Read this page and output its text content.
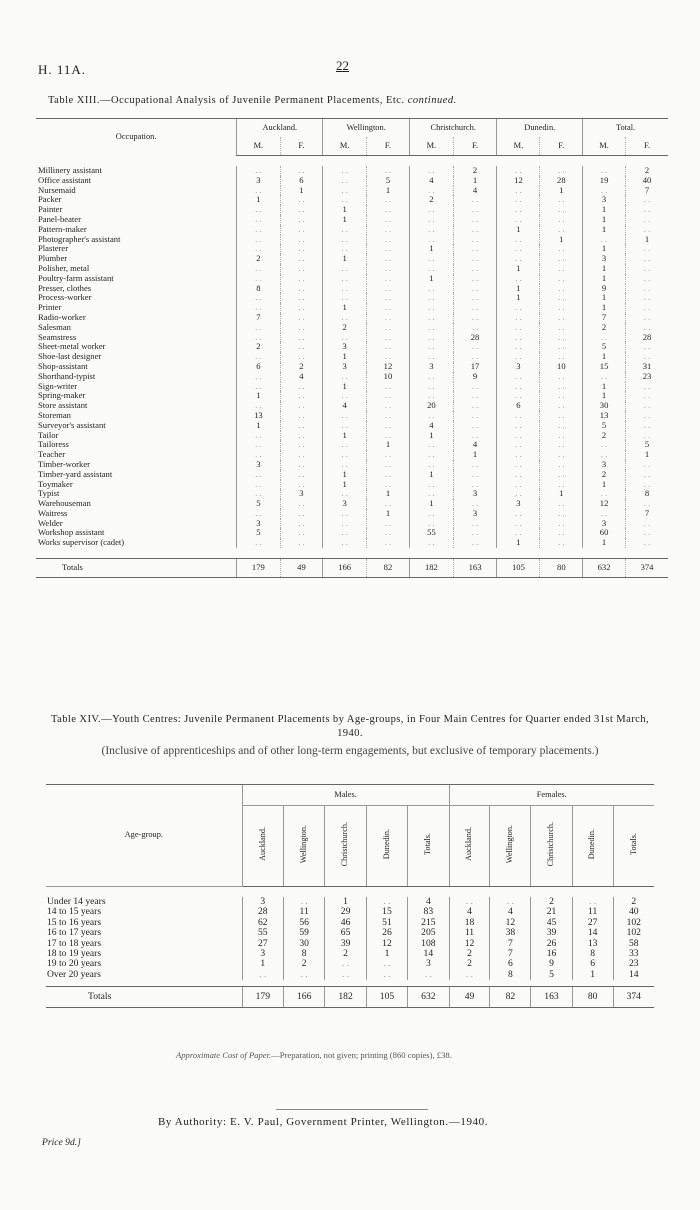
H. 11A.	22
Table XIII.—Occupational Analysis of Juvenile Permanent Placements, Etc. continued.
Occupation.	Auckland.		Wellington.		Christchurch.		Dunedin.		Total.	
	M.	F.	M.	F.	M.	F.	M.	F.	M.	F.

Millinery assistant	. .	. .	. .	. .	. .	2	. .	. .	. .	2
Office assistant	3	6	. .	5	4	1	12	28	19	40
Nursemaid	. .	1	. .	1	. .	4	. .	1	. .	7
Packer	1	. .	. .	. .	2	. .	. .	. .	3	. .
Painter	. .	. .	1	. .	. .	. .	. .	. .	1	. .
Panel-beater	. .	. .	1	. .	. .	. .	. .	. .	1	. .
Pattern-maker	. .	. .	. .	. .	. .	. .	1	. .	1	. .
Photographer's assistant	. .	. .	. .	. .	. .	. .	. .	1	. .	1
Plasterer	. .	. .	. .	. .	1	. .	. .	. .	1	. .
Plumber	2	. .	1	. .	. .	. .	. .	. .	3	. .
Polisher, metal	. .	. .	. .	. .	. .	. .	1	. .	1	. .
Poultry-farm assistant	. .	. .	. .	. .	1	. .	. .	. .	1	. .
Presser, clothes	8	. .	. .	. .	. .	. .	1	. .	9	. .
Process-worker	. .	. .	. .	. .	. .	. .	1	. .	1	. .
Printer	. .	. .	1	. .	. .	. .	. .	. .	1	. .
Radio-worker	7	. .	. .	. .	. .	. .	. .	. .	7	. .
Salesman	. .	. .	2	. .	. .	. .	. .	. .	2	. .
Seamstress	. .	. .	. .	. .	. .	28	. .	. .	. .	28
Sheet-metal worker	2	. .	3	. .	. .	. .	. .	. .	5	. .
Shoe-last designer	. .	. .	1	. .	. .	. .	. .	. .	1	. .
Shop-assistant	6	2	3	12	3	17	3	10	15	31
Shorthand-typist	. .	4	. .	10	. .	9	. .	. .	. .	23
Sign-writer	. .	. .	1	. .	. .	. .	. .	. .	1	. .
Spring-maker	1	. .	. .	. .	. .	. .	. .	. .	1	. .
Store assistant	. .	. .	4	. .	20	. .	6	. .	30	. .
Storeman	13	. .	. .	. .	. .	. .	. .	. .	13	. .
Surveyor's assistant	1	. .	. .	. .	4	. .	. .	. .	5	. .
Tailor	. .	. .	1	. .	1	. .	. .	. .	2	. .
Tailoress	. .	. .	. .	1	. .	4	. .	. .	. .	5
Teacher	. .	. .	. .	. .	. .	1	. .	. .	. .	1
Timber-worker	3	. .	. .	. .	. .	. .	. .	. .	3	. .
Timber-yard assistant	. .	. .	1	. .	1	. .	. .	. .	2	. .
Toymaker	. .	. .	1	. .	. .	. .	. .	. .	1	. .
Typist	. .	3	. .	1	. .	3	. .	1	. .	8
Warehouseman	5	. .	3	. .	1	. .	3	. .	12	. .
Waitress	. .	. .	. .	1	. .	3	. .	. .	. .	7
Welder	3	. .	. .	. .	. .	. .	. .	. .	3	. .
Workshop assistant	5	. .	. .	. .	55	. .	. .	. .	60	. .
Works supervisor (cadet)	. .	. .	. .	. .	. .	. .	1	. .	1	. .

Totals	179	49	166	82	182	163	105	80	632	374
Table XIV.—Youth Centres: Juvenile Permanent Placements by Age-groups, in Four Main Centres for Quarter ended 31st March, 1940.
(Inclusive of apprenticeships and of other long-term engagements, but exclusive of temporary placements.)
Age-group.	Males.					Females.				
	Auckland.	Wellington.	Christchurch.	Dunedin.	Totals.	Auckland.	Wellington.	Christchurch.	Dunedin.	Totals.

Under 14 years	3	. .	1	. .	4	. .	. .	2	. .	2
14 to 15 years	28	11	29	15	83	4	4	21	11	40
15 to 16 years	62	56	46	51	215	18	12	45	27	102
16 to 17 years	55	59	65	26	205	11	38	39	14	102
17 to 18 years	27	30	39	12	108	12	7	26	13	58
18 to 19 years	3	8	2	1	14	2	7	16	8	33
19 to 20 years	1	2	. .	. .	3	2	6	9	6	23
Over 20 years	. .	. .	. .	. .	. .	. .	8	5	1	14

Totals	179	166	182	105	632	49	82	163	80	374
Approximate Cost of Paper.—Preparation, not given; printing (860 copies), £38.
By Authority: E. V. Paul, Government Printer, Wellington.—1940.
Price 9d.]
